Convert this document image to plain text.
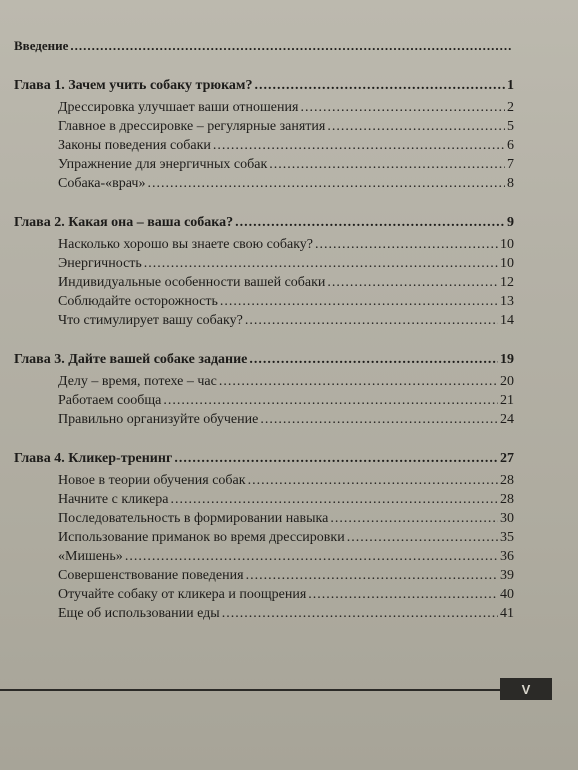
Введение
.....
Глава 1. Зачем учить собаку трюкам? .....	1
Дрессировка улучшает ваши отношения .....	2
Главное в дрессировке – регулярные занятия .....	5
Законы поведения собаки .....	6
Упражнение для энергичных собак .....	7
Собака-«врач» .....	8
Глава 2. Какая она – ваша собака? .....	9
Насколько хорошо вы знаете свою собаку? .....	10
Энергичность .....	10
Индивидуальные особенности вашей собаки .....	12
Соблюдайте осторожность .....	13
Что стимулирует вашу собаку? .....	14
Глава 3. Дайте вашей собаке задание .....	19
Делу – время, потехе – час .....	20
Работаем сообща .....	21
Правильно организуйте обучение .....	24
Глава 4. Кликер-тренинг .....	27
Новое в теории обучения собак .....	28
Начните с кликера .....	28
Последовательность в формировании навыка .....	30
Использование приманок во время дрессировки .....	35
«Мишень» .....	36
Совершенствование поведения .....	39
Отучайте собаку от кликера и поощрения .....	40
Еще об использовании еды .....	41
V
